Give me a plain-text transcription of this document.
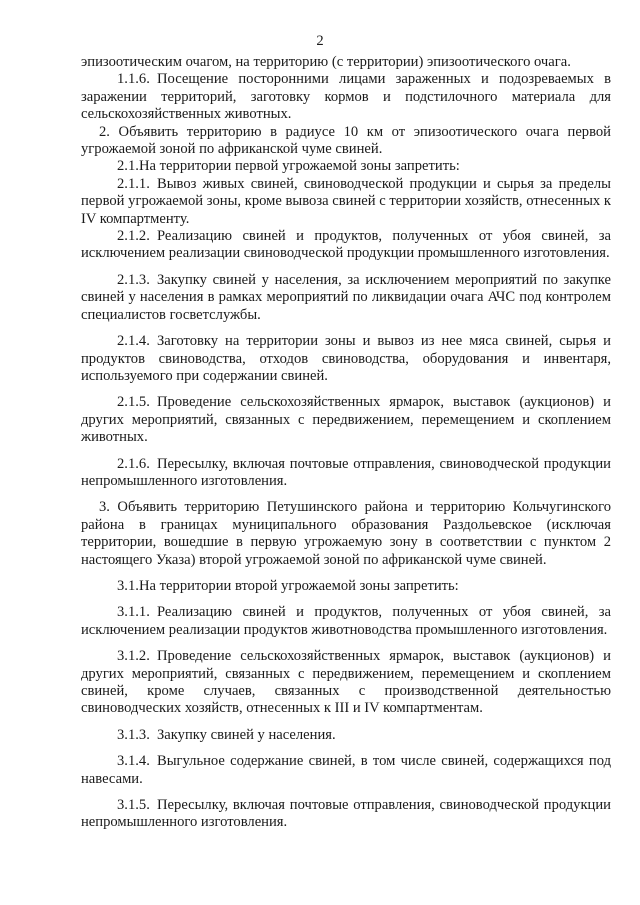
2

эпизоотическим очагом, на территорию (с территории) эпизоотического очага.

1.1.6. Посещение посторонними лицами зараженных и подозреваемых в заражении территорий, заготовку кормов и подстилочного материала для сельскохозяйственных животных.

2. Объявить территорию в радиусе 10 км от эпизоотического очага первой угрожаемой зоной по африканской чуме свиней.

2.1.На территории первой угрожаемой зоны запретить:

2.1.1. Вывоз живых свиней, свиноводческой продукции и сырья за пределы первой угрожаемой зоны, кроме вывоза свиней с территории хозяйств, отнесенных к IV компартменту.

2.1.2. Реализацию свиней и продуктов, полученных от убоя свиней, за исключением реализации свиноводческой продукции промышленного изготовления.

2.1.3. Закупку свиней у населения, за исключением мероприятий по закупке свиней у населения в рамках мероприятий по ликвидации очага АЧС под контролем специалистов госветслужбы.

2.1.4. Заготовку на территории зоны и вывоз из нее мяса свиней, сырья и продуктов свиноводства, отходов свиноводства, оборудования и инвентаря, используемого при содержании свиней.

2.1.5. Проведение сельскохозяйственных ярмарок, выставок (аукционов) и других мероприятий, связанных с передвижением, перемещением и скоплением животных.

2.1.6. Пересылку, включая почтовые отправления, свиноводческой продукции непромышленного изготовления.

3. Объявить территорию Петушинского района и территорию Кольчугинского района в границах муниципального образования Раздольевское (исключая территории, вошедшие в первую угрожаемую зону в соответствии с пунктом 2 настоящего Указа) второй угрожаемой зоной по африканской чуме свиней.

3.1.На территории второй угрожаемой зоны запретить:

3.1.1. Реализацию свиней и продуктов, полученных от убоя свиней, за исключением реализации продуктов животноводства промышленного изготовления.

3.1.2. Проведение сельскохозяйственных ярмарок, выставок (аукционов) и других мероприятий, связанных с передвижением, перемещением и скоплением свиней, кроме случаев, связанных с производственной деятельностью свиноводческих хозяйств, отнесенных к III и IV компартментам.

3.1.3. Закупку свиней у населения.

3.1.4. Выгульное содержание свиней, в том числе свиней, содержащихся под навесами.

3.1.5. Пересылку, включая почтовые отправления, свиноводческой продукции непромышленного изготовления.
